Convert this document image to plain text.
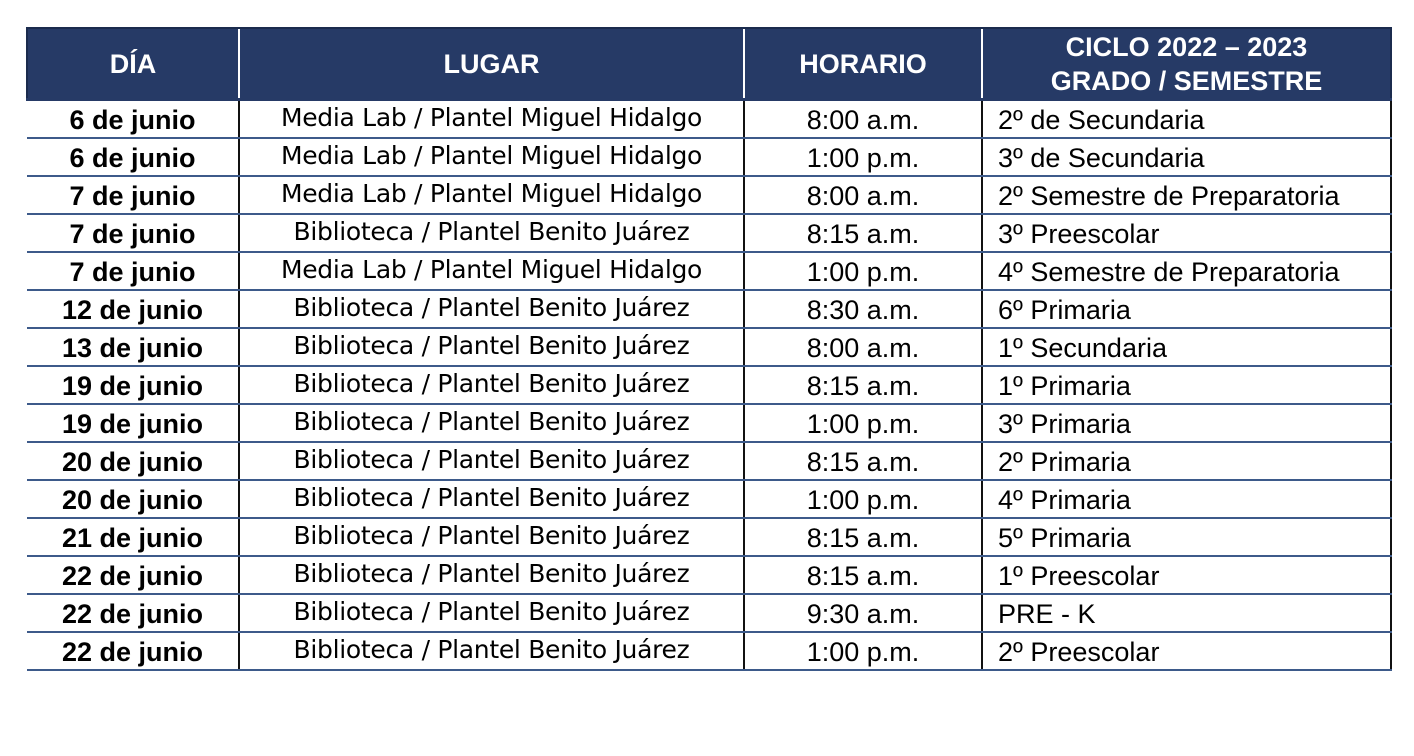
DÍA	LUGAR	HORARIO	CICLO 2022 – 2023
GRADO / SEMESTRE

6 de junio	Media Lab / Plantel Miguel Hidalgo	8:00 a.m.	2º de Secundaria
6 de junio	Media Lab / Plantel Miguel Hidalgo	1:00 p.m.	3º de Secundaria
7 de junio	Media Lab / Plantel Miguel Hidalgo	8:00 a.m.	2º Semestre de Preparatoria
7 de junio	Biblioteca / Plantel Benito Juárez	8:15 a.m.	3º Preescolar
7 de junio	Media Lab / Plantel Miguel Hidalgo	1:00 p.m.	4º Semestre de Preparatoria
12 de junio	Biblioteca / Plantel Benito Juárez	8:30 a.m.	6º Primaria
13 de junio	Biblioteca / Plantel Benito Juárez	8:00 a.m.	1º Secundaria
19 de junio	Biblioteca / Plantel Benito Juárez	8:15 a.m.	1º Primaria
19 de junio	Biblioteca / Plantel Benito Juárez	1:00 p.m.	3º Primaria
20 de junio	Biblioteca / Plantel Benito Juárez	8:15 a.m.	2º Primaria
20 de junio	Biblioteca / Plantel Benito Juárez	1:00 p.m.	4º Primaria
21 de junio	Biblioteca / Plantel Benito Juárez	8:15 a.m.	5º Primaria
22 de junio	Biblioteca / Plantel Benito Juárez	8:15 a.m.	1º Preescolar
22 de junio	Biblioteca / Plantel Benito Juárez	9:30 a.m.	PRE - K
22 de junio	Biblioteca / Plantel Benito Juárez	1:00 p.m.	2º Preescolar
